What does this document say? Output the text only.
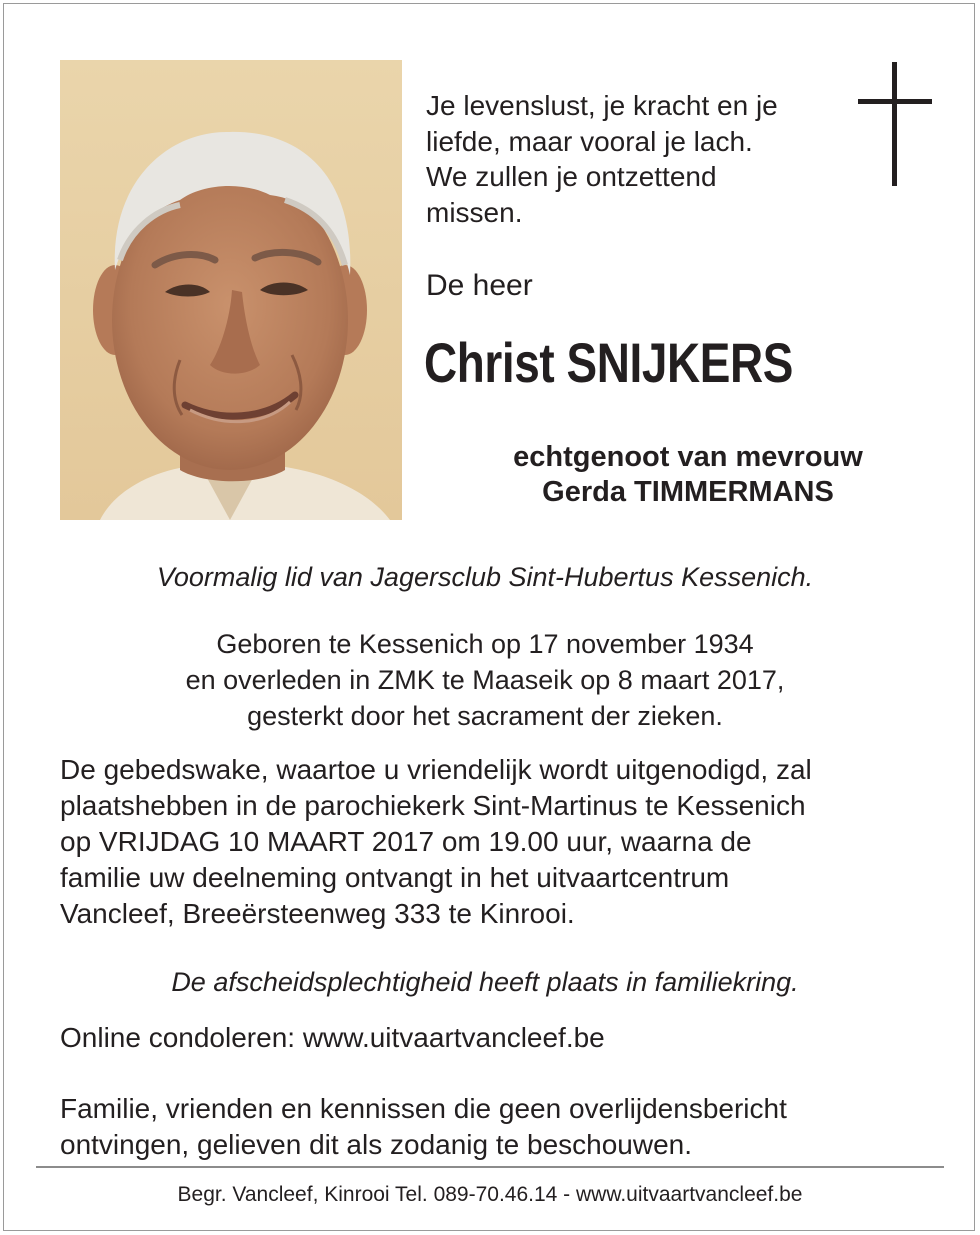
Je levenslust, je kracht en je
liefde, maar vooral je lach.
We zullen je ontzettend
missen.

De heer

Christ SNIJKERS

echtgenoot van mevrouw
Gerda TIMMERMANS

Voormalig lid van Jagersclub Sint-Hubertus Kessenich.

Geboren te Kessenich op 17 november 1934
en overleden in ZMK te Maaseik op 8 maart 2017,
gesterkt door het sacrament der zieken.

De gebedswake, waartoe u vriendelijk wordt uitgenodigd, zal
plaatshebben in de parochiekerk Sint-Martinus te Kessenich
op VRIJDAG 10 MAART 2017 om 19.00 uur, waarna de
familie uw deelneming ontvangt in het uitvaartcentrum
Vancleef, Breeërsteenweg 333 te Kinrooi.

De afscheidsplechtigheid heeft plaats in familiekring.

Online condoleren: www.uitvaartvancleef.be

Familie, vrienden en kennissen die geen overlijdensbericht
ontvingen, gelieven dit als zodanig te beschouwen.

Begr. Vancleef, Kinrooi Tel. 089-70.46.14 - www.uitvaartvancleef.be
